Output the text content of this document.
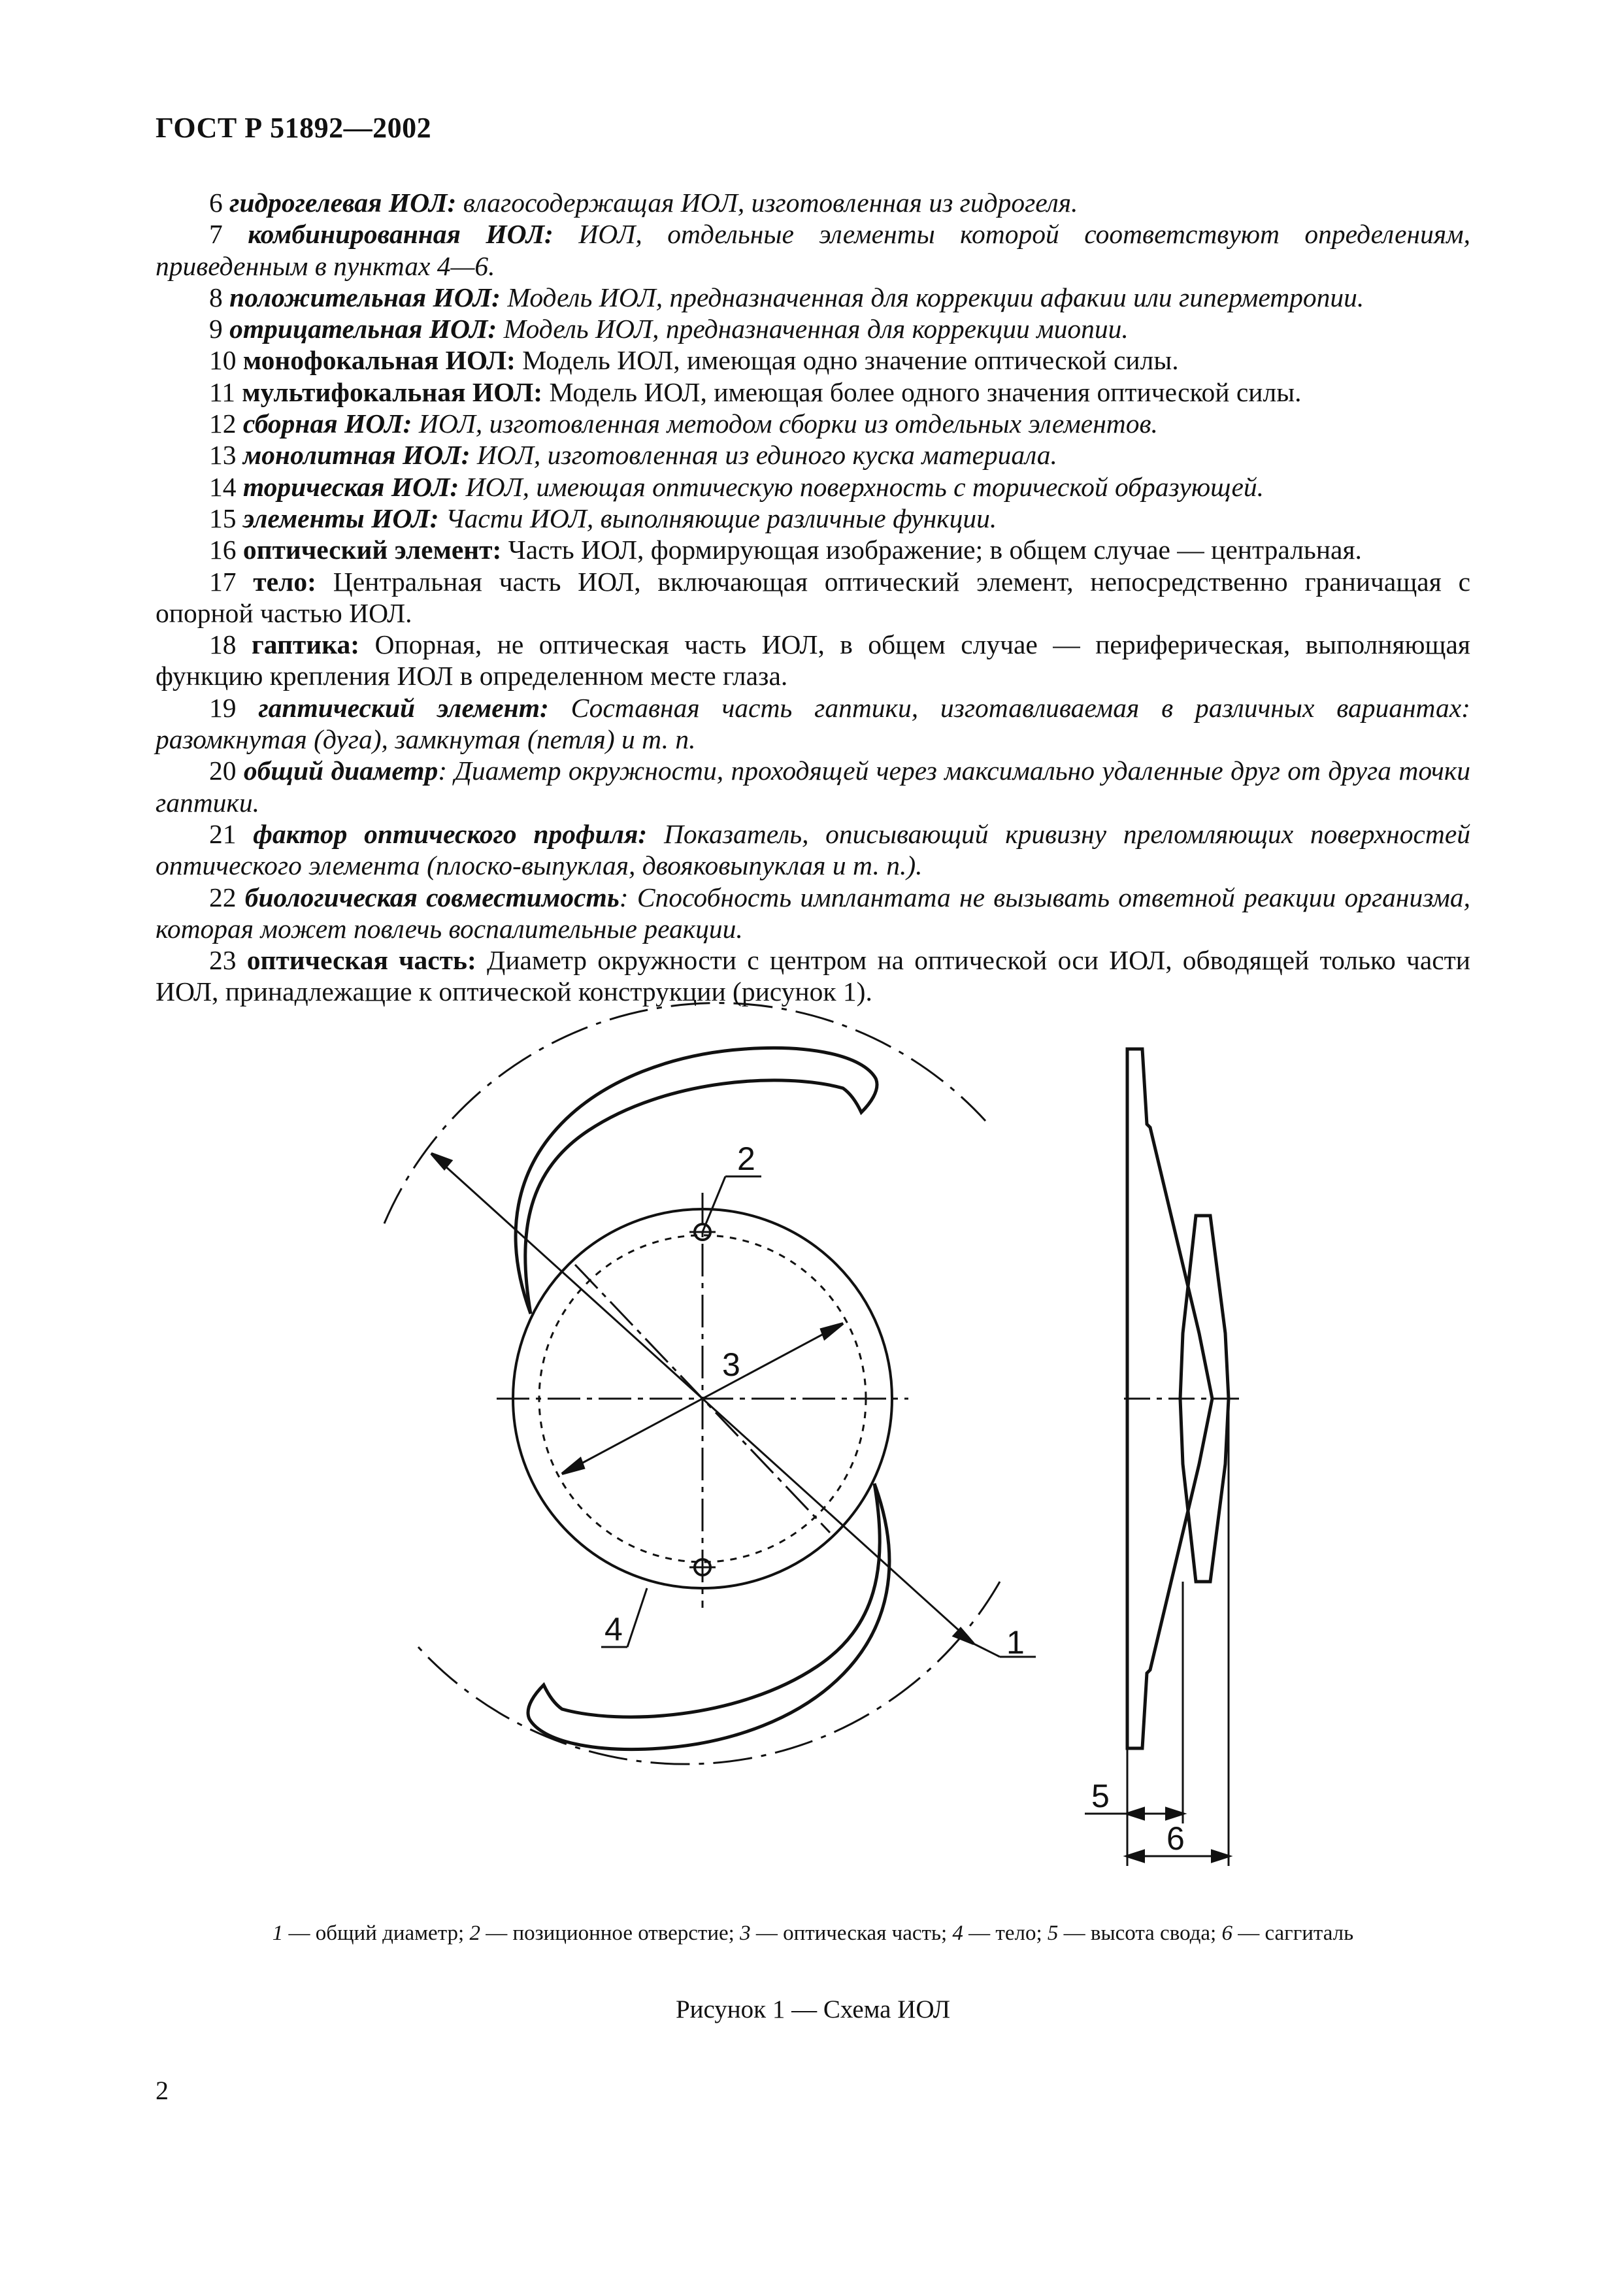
ГОСТ Р 51892—2002

6 гидрогелевая ИОЛ: влагосодержащая ИОЛ, изготовленная из гидрогеля.

7 комбинированная ИОЛ: ИОЛ, отдельные элементы которой соответствуют определениям, приведенным в пунктах 4—6.

8 положительная ИОЛ: Модель ИОЛ, предназначенная для коррекции афакии или гиперметропии.

9 отрицательная ИОЛ: Модель ИОЛ, предназначенная для коррекции миопии.

10 монофокальная ИОЛ: Модель ИОЛ, имеющая одно значение оптической силы.

11 мультифокальная ИОЛ: Модель ИОЛ, имеющая более одного значения оптической силы.

12 сборная ИОЛ: ИОЛ, изготовленная методом сборки из отдельных элементов.

13 монолитная ИОЛ: ИОЛ, изготовленная из единого куска материала.

14 торическая ИОЛ: ИОЛ, имеющая оптическую поверхность с торической образующей.

15 элементы ИОЛ: Части ИОЛ, выполняющие различные функции.

16 оптический элемент: Часть ИОЛ, формирующая изображение; в общем случае — центральная.

17 тело: Центральная часть ИОЛ, включающая оптический элемент, непосредственно граничащая с опорной частью ИОЛ.

18 гаптика: Опорная, не оптическая часть ИОЛ, в общем случае — периферическая, выполняющая функцию крепления ИОЛ в определенном месте глаза.

19 гаптический элемент: Составная часть гаптики, изготавливаемая в различных вариантах: разомкнутая (дуга), замкнутая (петля) и т. п.

20 общий диаметр: Диаметр окружности, проходящей через максимально удаленные друг от друга точки гаптики.

21 фактор оптического профиля: Показатель, описывающий кривизну преломляющих поверхностей оптического элемента (плоско-выпуклая, двояковыпуклая и т. п.).

22 биологическая совместимость: Способность имплантата не вызывать ответной реакции организма, которая может повлечь воспалительные реакции.

23 оптическая часть: Диаметр окружности с центром на оптической оси ИОЛ, обводящей только части ИОЛ, принадлежащие к оптической конструкции (рисунок 1).

2
3
4	1
5
6
1 — общий диаметр; 2 — позиционное отверстие; 3 — оптическая часть; 4 — тело; 5 — высота свода; 6 — саггиталь
Рисунок 1 — Схема ИОЛ
2
